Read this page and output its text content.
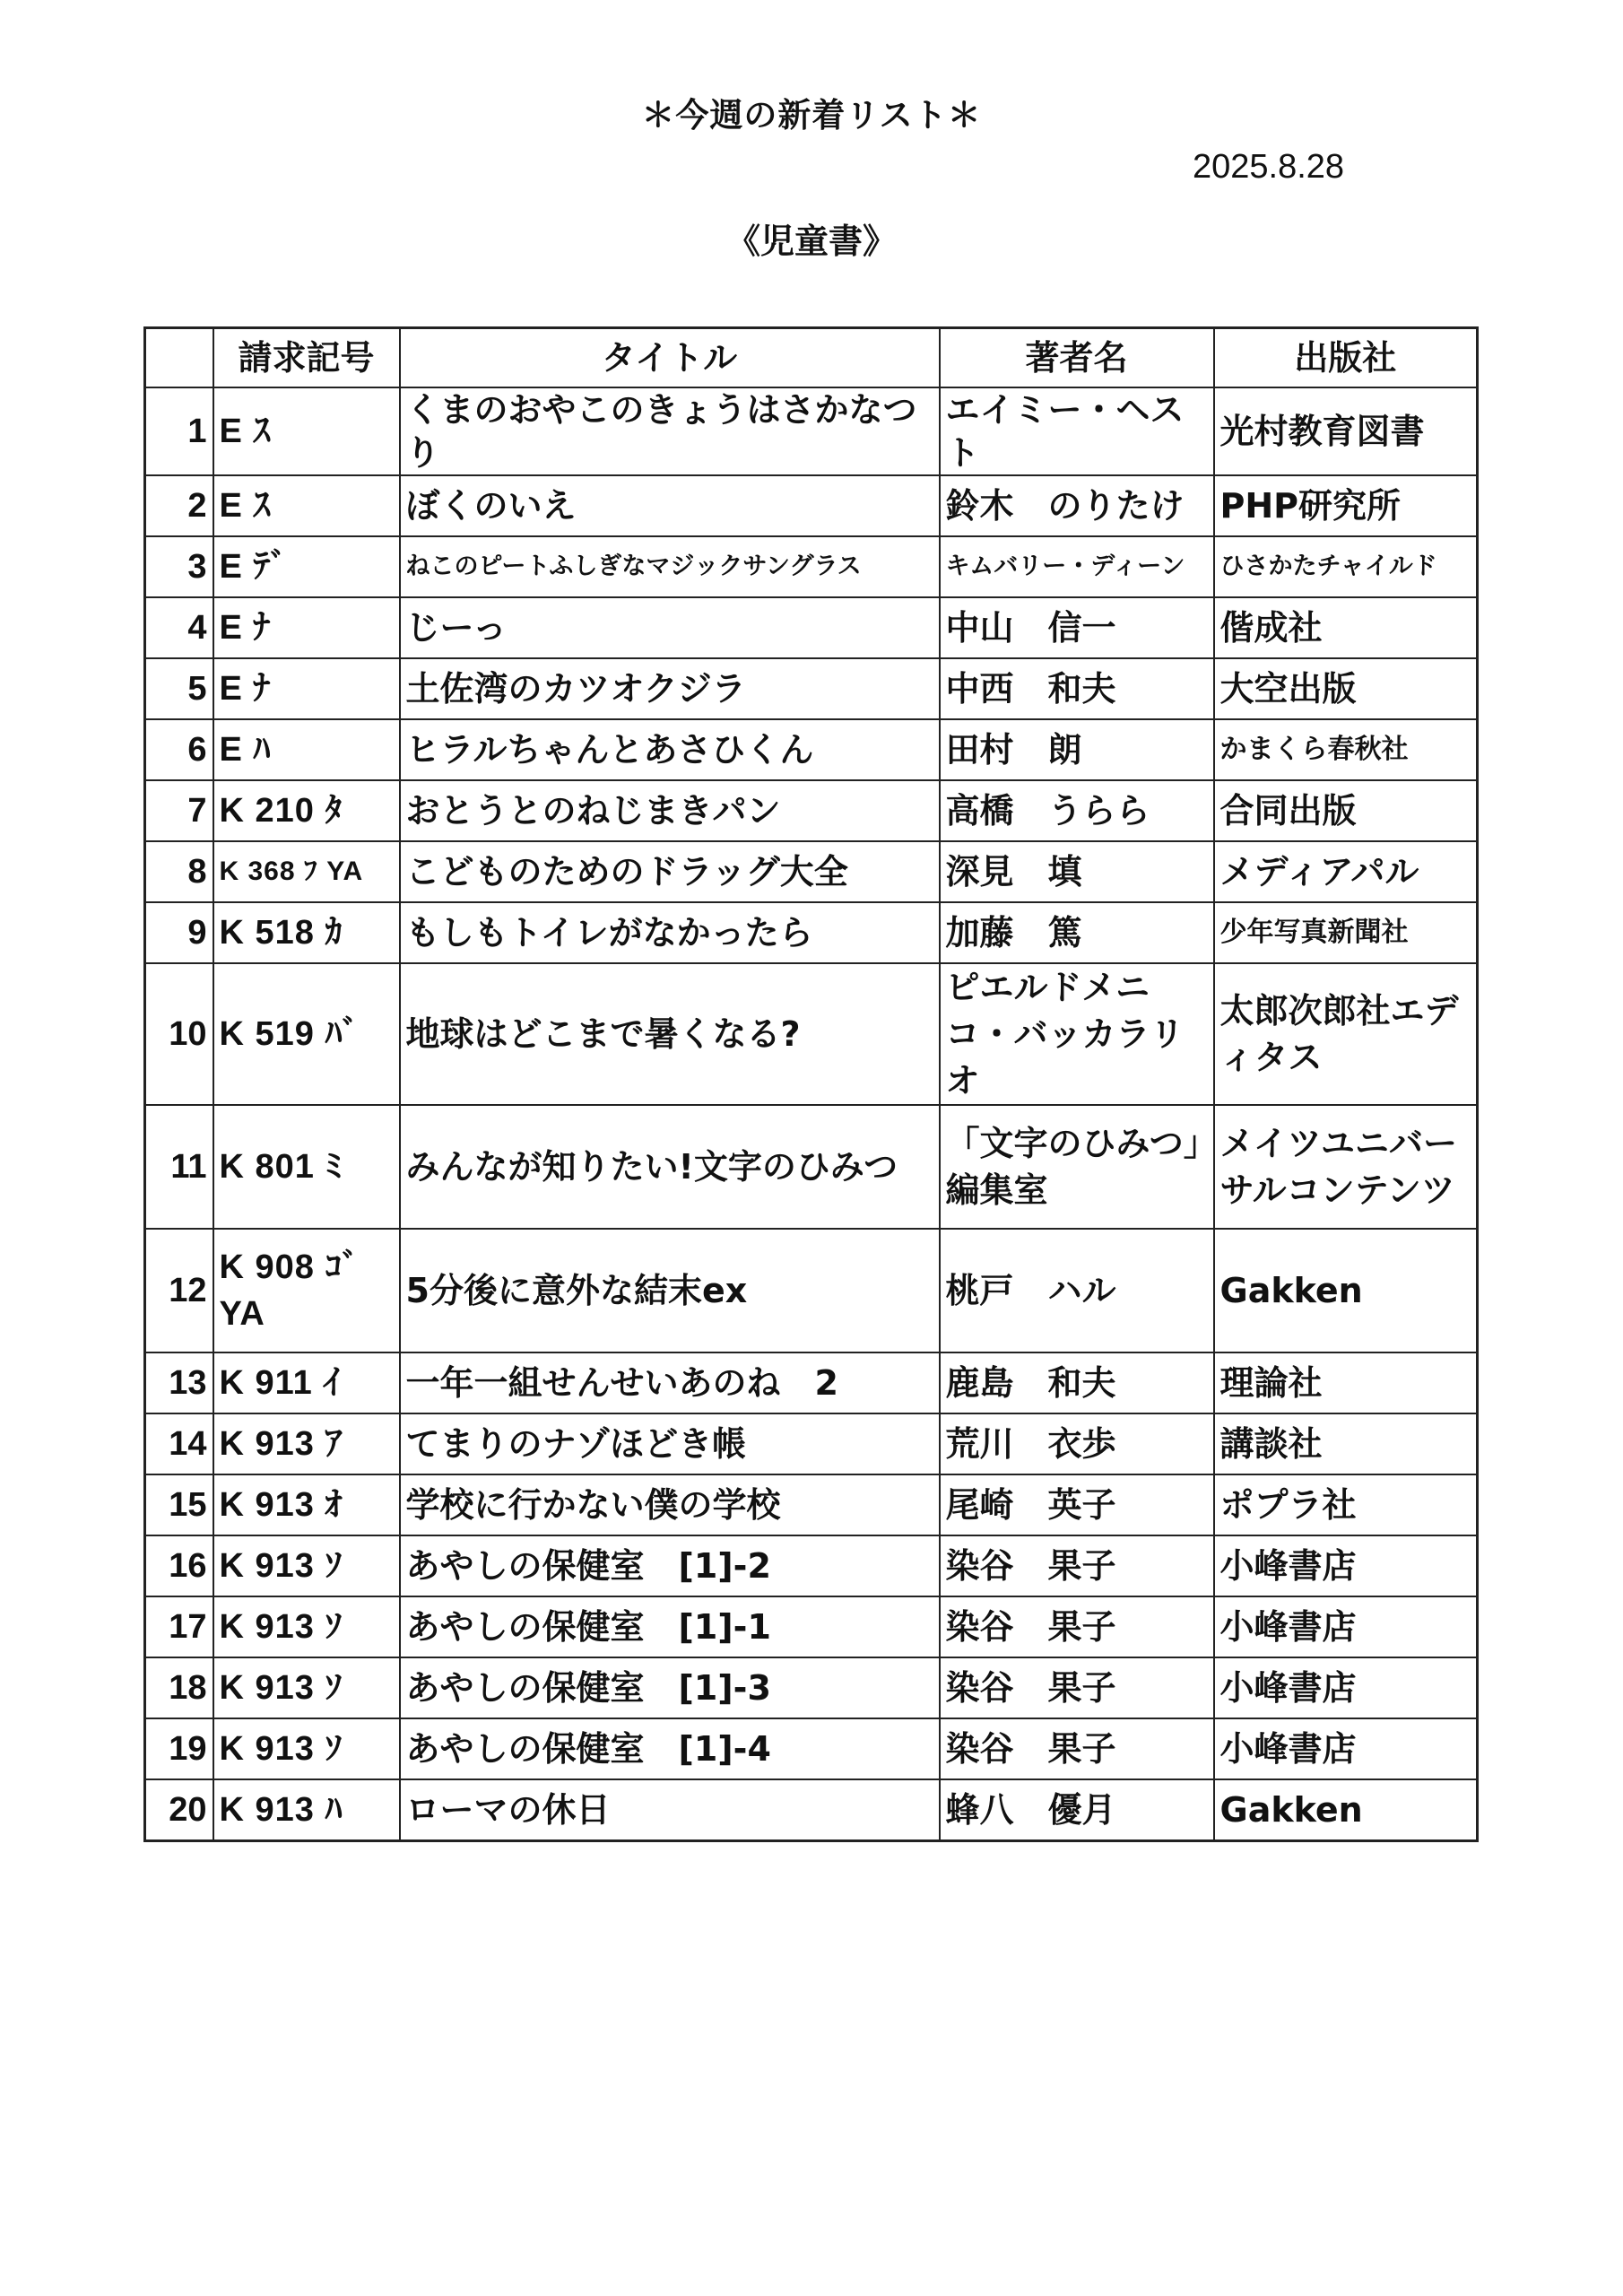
＊今週の新着リスト＊
2025.8.28
《児童書》
	請求記号	タイトル	著者名	出版社
1	E ｽ	くまのおやこのきょうはさかなつり	エイミー・ヘスト	光村教育図書
2	E ｽ	ぼくのいえ	鈴木　のりたけ	PHP研究所
3	E ﾃﾞ	ねこのピートふしぎなマジックサングラス	キムバリー・ディーン	ひさかたチャイルド
4	E ﾅ	じーっ	中山　信一	偕成社
5	E ﾅ	土佐湾のカツオクジラ	中西　和夫	大空出版
6	E ﾊ	ヒラルちゃんとあさひくん	田村　朗	かまくら春秋社
7	K 210 ﾀ	おとうとのねじまきパン	高橋　うらら	合同出版
8	K 368 ﾌ YA	こどものためのドラッグ大全	深見　填	メディアパル
9	K 518 ｶ	もしもトイレがなかったら	加藤　篤	少年写真新聞社
10	K 519 ﾊﾞ	地球はどこまで暑くなる?	ピエルドメニコ・バッカラリオ	太郎次郎社エディタス
11	K 801 ﾐ	みんなが知りたい!文字のひみつ	「文字のひみつ」編集室	メイツユニバーサルコンテンツ
12	K 908 ｺﾞ YA	5分後に意外な結末ex	桃戸　ハル	Gakken
13	K 911 ｲ	一年一組せんせいあのね　2	鹿島　和夫	理論社
14	K 913 ｱ	てまりのナゾほどき帳	荒川　衣歩	講談社
15	K 913 ｵ	学校に行かない僕の学校	尾崎　英子	ポプラ社
16	K 913 ｿ	あやしの保健室　[1]-2	染谷　果子	小峰書店
17	K 913 ｿ	あやしの保健室　[1]-1	染谷　果子	小峰書店
18	K 913 ｿ	あやしの保健室　[1]-3	染谷　果子	小峰書店
19	K 913 ｿ	あやしの保健室　[1]-4	染谷　果子	小峰書店
20	K 913 ﾊ	ローマの休日	蜂八　優月	Gakken
